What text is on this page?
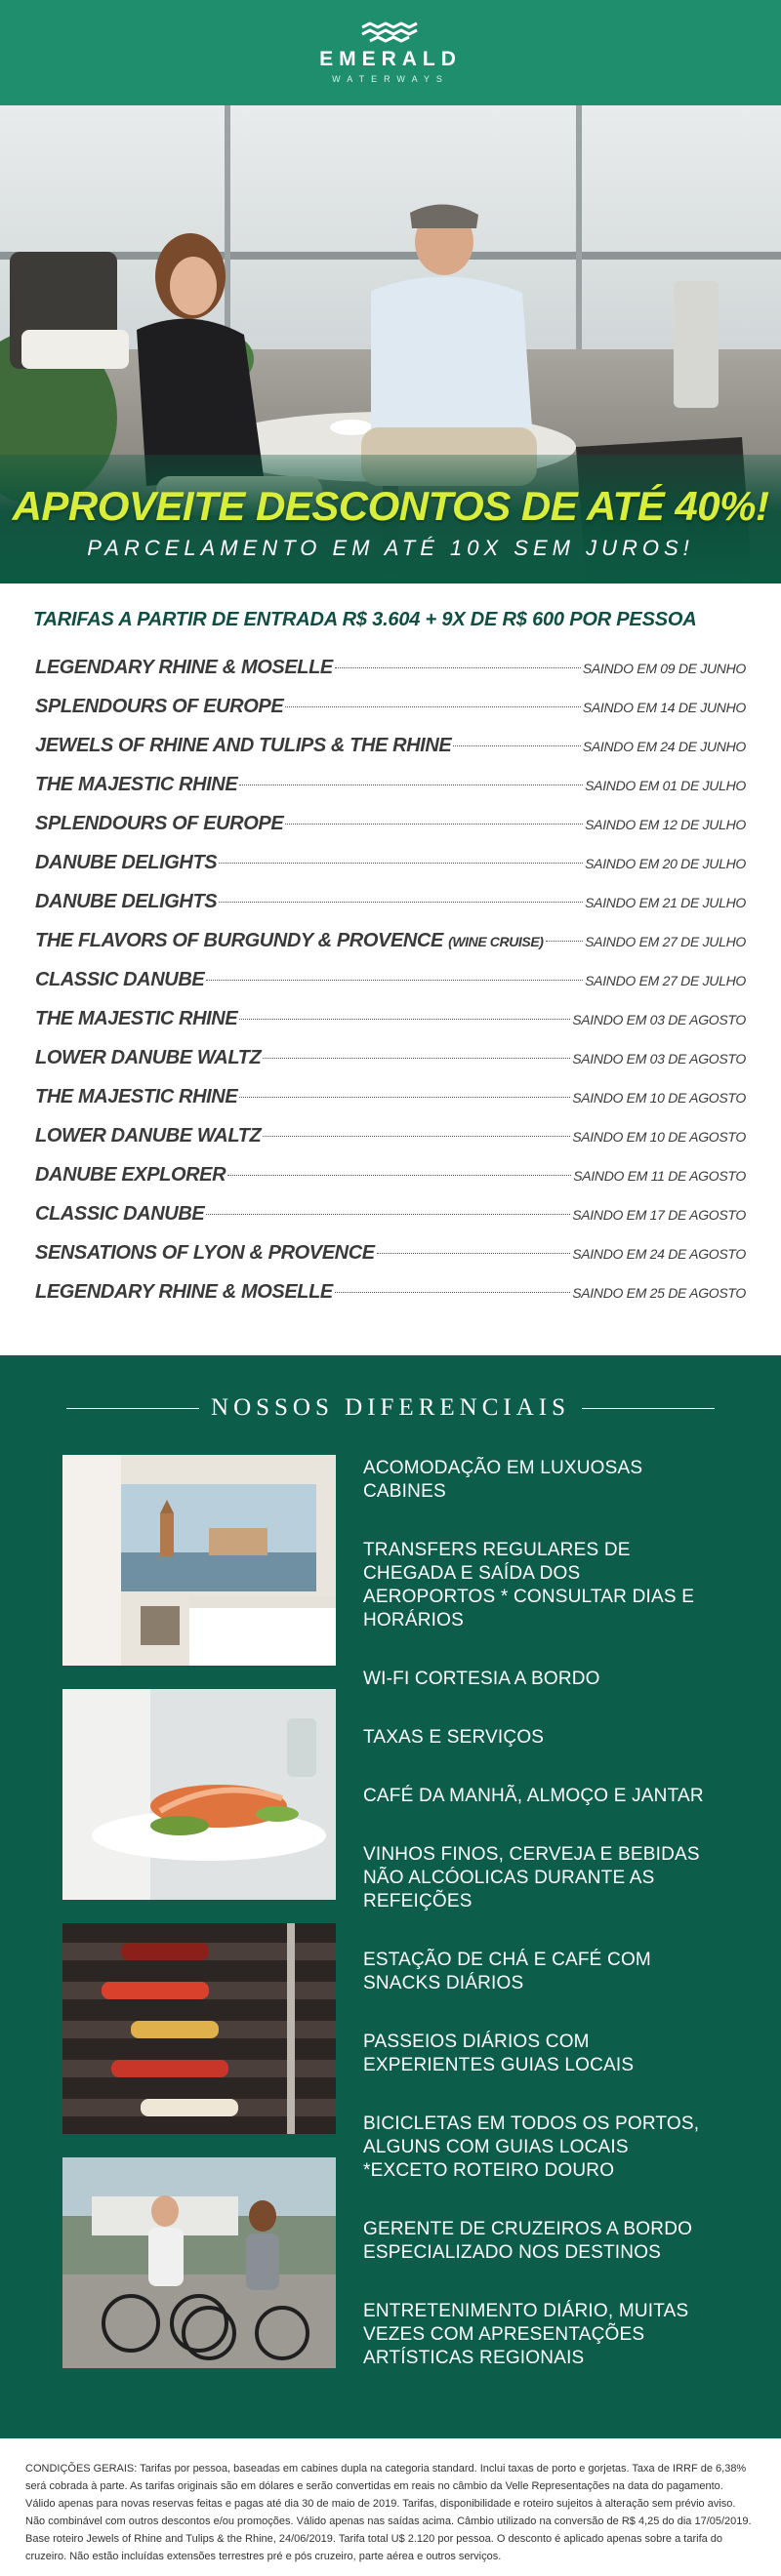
EMERALD
WATERWAYS
APROVEITE DESCONTOS DE ATÉ 40%!
PARCELAMENTO EM ATÉ 10X SEM JUROS!
TARIFAS A PARTIR DE ENTRADA R$ 3.604 + 9X DE R$ 600 POR PESSOA
LEGENDARY RHINE & MOSELLE	SAINDO EM 09 DE JUNHO
SPLENDOURS OF EUROPE	SAINDO EM 14 DE JUNHO
JEWELS OF RHINE AND TULIPS & THE RHINE	SAINDO EM 24 DE JUNHO
THE MAJESTIC RHINE	SAINDO EM 01 DE JULHO
SPLENDOURS OF EUROPE	SAINDO EM 12 DE JULHO
DANUBE DELIGHTS	SAINDO EM 20 DE JULHO
DANUBE DELIGHTS	SAINDO EM 21 DE JULHO
THE FLAVORS OF BURGUNDY & PROVENCE (WINE CRUISE)	SAINDO EM 27 DE JULHO
CLASSIC DANUBE	SAINDO EM 27 DE JULHO
THE MAJESTIC RHINE	SAINDO EM 03 DE AGOSTO
LOWER DANUBE WALTZ	SAINDO EM 03 DE AGOSTO
THE MAJESTIC RHINE	SAINDO EM 10 DE AGOSTO
LOWER DANUBE WALTZ	SAINDO EM 10 DE AGOSTO
DANUBE EXPLORER	SAINDO EM 11 DE AGOSTO
CLASSIC DANUBE	SAINDO EM 17 DE AGOSTO
SENSATIONS OF LYON & PROVENCE	SAINDO EM 24 DE AGOSTO
LEGENDARY RHINE & MOSELLE	SAINDO EM 25 DE AGOSTO
NOSSOS DIFERENCIAIS
ACOMODAÇÃO EM LUXUOSAS CABINES
TRANSFERS REGULARES DE CHEGADA E SAÍDA DOS AEROPORTOS * CONSULTAR DIAS E HORÁRIOS
WI-FI CORTESIA A BORDO
TAXAS E SERVIÇOS
CAFÉ DA MANHÃ, ALMOÇO E JANTAR
VINHOS FINOS, CERVEJA E BEBIDAS NÃO ALCÓOLICAS DURANTE AS REFEIÇÕES
ESTAÇÃO DE CHÁ E CAFÉ COM SNACKS DIÁRIOS
PASSEIOS DIÁRIOS COM EXPERIENTES GUIAS LOCAIS
BICICLETAS EM TODOS OS PORTOS, ALGUNS COM GUIAS LOCAIS *EXCETO ROTEIRO DOURO
GERENTE DE CRUZEIROS A BORDO ESPECIALIZADO NOS DESTINOS
ENTRETENIMENTO DIÁRIO, MUITAS VEZES COM APRESENTAÇÕES ARTÍSTICAS REGIONAIS

CONDIÇÕES GERAIS: Tarifas por pessoa, baseadas em cabines dupla na categoria standard. Inclui taxas de porto e gorjetas. Taxa de IRRF de 6,38% será cobrada à parte. As tarifas originais são em dólares e serão convertidas em reais no câmbio da Velle Representações na data do pagamento. Válido apenas para novas reservas feitas e pagas até dia 30 de maio de 2019. Tarifas, disponibilidade e roteiro sujeitos à alteração sem prévio aviso. Não combinável com outros descontos e/ou promoções. Válido apenas nas saídas acima. Câmbio utilizado na conversão de R$ 4,25 do dia 17/05/2019. Base roteiro Jewels of Rhine and Tulips & the Rhine, 24/06/2019. Tarifa total U$ 2.120 por pessoa. O desconto é aplicado apenas sobre a tarifa do cruzeiro. Não estão incluídas extensões terrestres pré e pós cruzeiro, parte aérea e outros serviços.
